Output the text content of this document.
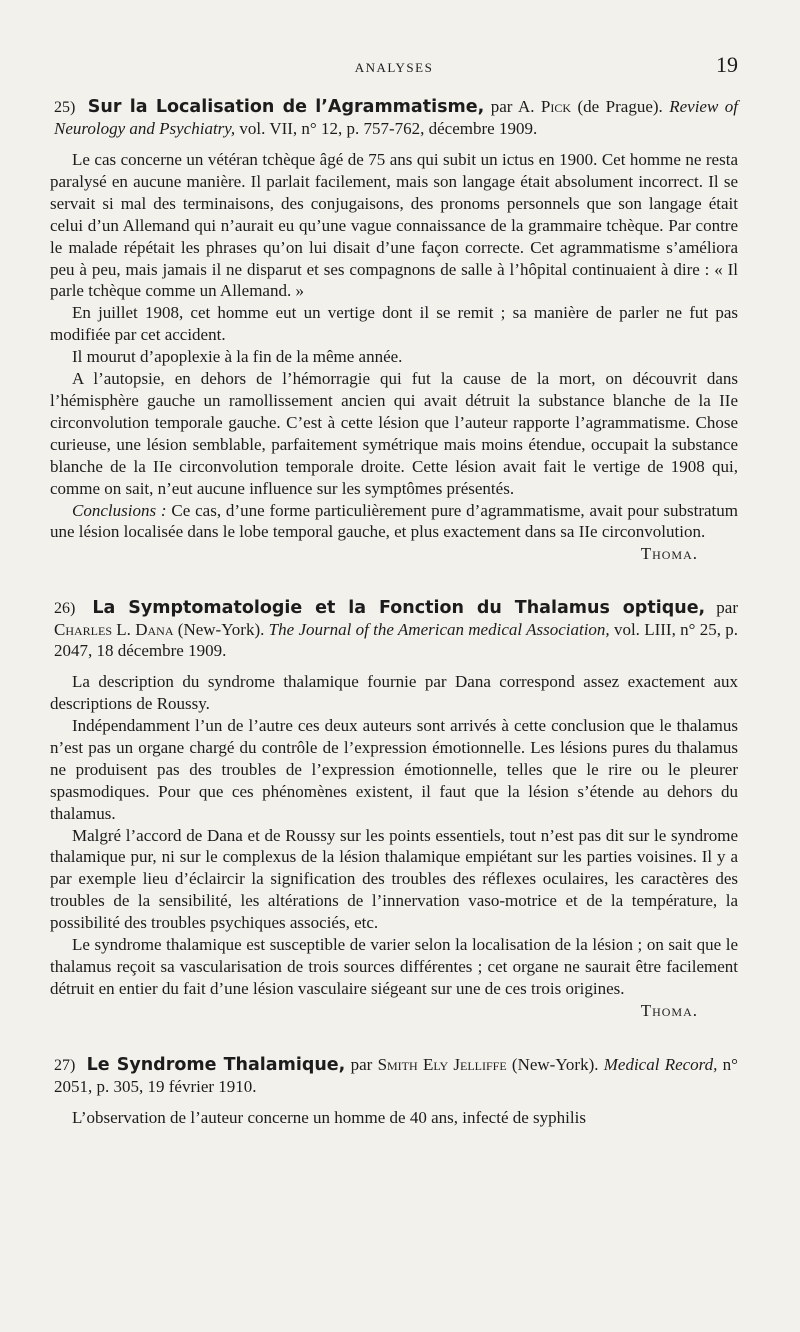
ANALYSES	19
25) Sur la Localisation de l’Agrammatisme, par A. Pick (de Prague). Review of Neurology and Psychiatry, vol. VII, n° 12, p. 757-762, décembre 1909.

Le cas concerne un vétéran tchèque âgé de 75 ans qui subit un ictus en 1900. Cet homme ne resta paralysé en aucune manière. Il parlait facilement, mais son langage était absolument incorrect. Il se servait si mal des terminaisons, des conjugaisons, des pronoms personnels que son langage était celui d’un Allemand qui n’aurait eu qu’une vague connaissance de la grammaire tchèque. Par contre le malade répétait les phrases qu’on lui disait d’une façon correcte. Cet agrammatisme s’améliora peu à peu, mais jamais il ne disparut et ses compagnons de salle à l’hôpital continuaient à dire : « Il parle tchèque comme un Allemand. »

En juillet 1908, cet homme eut un vertige dont il se remit ; sa manière de parler ne fut pas modifiée par cet accident.

Il mourut d’apoplexie à la fin de la même année.

A l’autopsie, en dehors de l’hémorragie qui fut la cause de la mort, on découvrit dans l’hémisphère gauche un ramollissement ancien qui avait détruit la substance blanche de la IIe circonvolution temporale gauche. C’est à cette lésion que l’auteur rapporte l’agrammatisme. Chose curieuse, une lésion semblable, parfaitement symétrique mais moins étendue, occupait la substance blanche de la IIe circonvolution temporale droite. Cette lésion avait fait le vertige de 1908 qui, comme on sait, n’eut aucune influence sur les symptômes présentés.

Conclusions : Ce cas, d’une forme particulièrement pure d’agrammatisme, avait pour substratum une lésion localisée dans le lobe temporal gauche, et plus exactement dans sa IIe circonvolution.

Thoma.

26) La Symptomatologie et la Fonction du Thalamus optique, par Charles L. Dana (New-York). The Journal of the American medical Association, vol. LIII, n° 25, p. 2047, 18 décembre 1909.

La description du syndrome thalamique fournie par Dana correspond assez exactement aux descriptions de Roussy.

Indépendamment l’un de l’autre ces deux auteurs sont arrivés à cette conclusion que le thalamus n’est pas un organe chargé du contrôle de l’expression émotionnelle. Les lésions pures du thalamus ne produisent pas des troubles de l’expression émotionnelle, telles que le rire ou le pleurer spasmodiques. Pour que ces phénomènes existent, il faut que la lésion s’étende au dehors du thalamus.

Malgré l’accord de Dana et de Roussy sur les points essentiels, tout n’est pas dit sur le syndrome thalamique pur, ni sur le complexus de la lésion thalamique empiétant sur les parties voisines. Il y a par exemple lieu d’éclaircir la signification des troubles des réflexes oculaires, les caractères des troubles de la sensibilité, les altérations de l’innervation vaso-motrice et de la température, la possibilité des troubles psychiques associés, etc.

Le syndrome thalamique est susceptible de varier selon la localisation de la lésion ; on sait que le thalamus reçoit sa vascularisation de trois sources différentes ; cet organe ne saurait être facilement détruit en entier du fait d’une lésion vasculaire siégeant sur une de ces trois origines.

Thoma.

27) Le Syndrome Thalamique, par Smith Ely Jelliffe (New-York). Medical Record, n° 2051, p. 305, 19 février 1910.

L’observation de l’auteur concerne un homme de 40 ans, infecté de syphilis
